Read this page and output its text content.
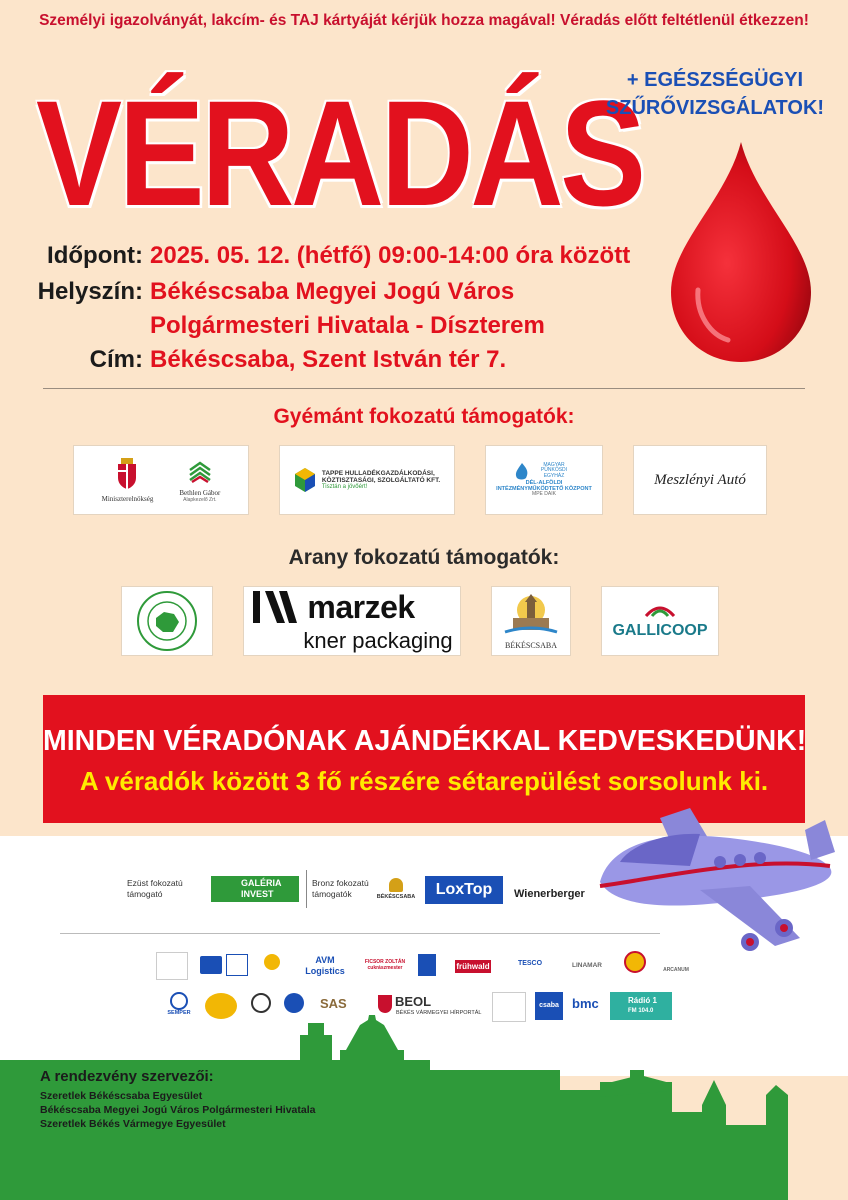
Személyi igazolványát, lakcím- és TAJ kártyáját kérjük hozza magával! Véradás előtt feltétlenül étkezzen!
VÉRADÁS
+ EGÉSZSÉGÜGYI
SZŰRŐVIZSGÁLATOK!
Időpont: 2025. 05. 12. (hétfő) 09:00-14:00 óra között
Helyszín: Békéscsaba Megyei Jogú Város
Polgármesteri Hivatala - Díszterem
Cím: Békéscsaba, Szent István tér 7.
Gyémánt fokozatú támogatók:
Miniszterelnökség
Bethlen Gábor
Alapkezelő Zrt.
TAPPE HULLADÉKGAZDÁLKODÁSI,
KÖZTISZTASÁGI, SZOLGÁLTATÓ KFT.
Tisztán a jövőért!
MAGYAR PÜNKÖSDI EGYHÁZ
DÉL-ALFÖLDI
INTÉZMÉNYMŰKÖDTETŐ KÖZPONT
MPE DAIK
Meszlényi Autó
Arany fokozatú támogatók:
marzek
kner packaging	BÉKÉSCSABA
GALLICOOP
MINDEN VÉRADÓNAK AJÁNDÉKKAL KEDVESKEDÜNK!
A véradók között 3 fő részére sétarepülést sorsolunk ki.
Ezüst fokozatú
támogató
GALÉRIA
INVEST
Bronz fokozatú
támogatók	BÉKÉSCSABA	LoxTop	Wienerberger
AVM Logistics
FICSOR ZOLTÁN cukrászmester	frühwald	TESCO	LINAMAR
ARCANUM
SEMPER
SAS	BEOL
BÉKÉS VÁRMEGYEI HÍRPORTÁL
csaba tv
bmc	Rádió 1
FM 104.0
A rendezvény szervezői:
Szeretlek Békéscsaba Egyesület
Békéscsaba Megyei Jogú Város Polgármesteri Hivatala
Szeretlek Békés Vármegye Egyesület
